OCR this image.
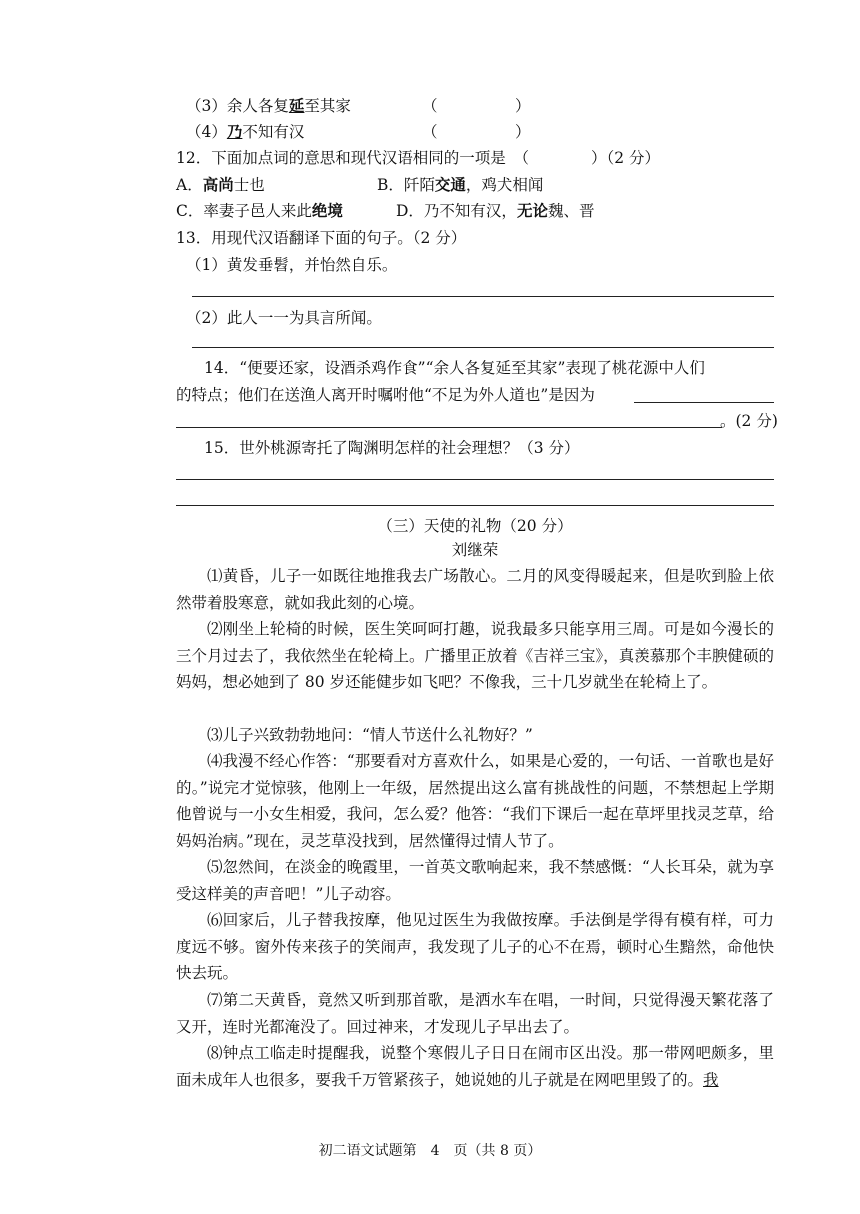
（3）余人各复延至其家	（　　　　　）
（4）乃不知有汉	（　　　　　）
12．下面加点词的意思和现代汉语相同的一项是　（　　　　）（2 分）
A．高尚士也	B．阡陌交通，鸡犬相闻
C．率妻子邑人来此绝境	D．乃不知有汉，无论魏、晋
13．用现代汉语翻译下面的句子。（2 分）
（1）黄发垂髫，并怡然自乐。
（2）此人一一为具言所闻。
14．“便要还家，设酒杀鸡作食”“余人各复延至其家”表现了桃花源中人们
的特点；他们在送渔人离开时嘱咐他“不足为外人道也”是因为
。(2 分)
15．世外桃源寄托了陶渊明怎样的社会理想？（3 分）
（三）天使的礼物（20 分）
刘继荣
⑴黄昏，儿子一如既往地推我去广场散心。二月的风变得暖起来，但是吹到脸上依然带着股寒意，就如我此刻的心境。
⑵刚坐上轮椅的时候，医生笑呵呵打趣，说我最多只能享用三周。可是如今漫长的三个月过去了，我依然坐在轮椅上。广播里正放着《吉祥三宝》，真羡慕那个丰腴健硕的妈妈，想必她到了 80 岁还能健步如飞吧？不像我，三十几岁就坐在轮椅上了。
⑶儿子兴致勃勃地问：“情人节送什么礼物好？”
⑷我漫不经心作答：“那要看对方喜欢什么，如果是心爱的，一句话、一首歌也是好的。”说完才觉惊骇，他刚上一年级，居然提出这么富有挑战性的问题，不禁想起上学期他曾说与一小女生相爱，我问，怎么爱？他答：“我们下课后一起在草坪里找灵芝草，给妈妈治病。”现在，灵芝草没找到，居然懂得过情人节了。
⑸忽然间，在淡金的晚霞里，一首英文歌响起来，我不禁感慨：“人长耳朵，就为享受这样美的声音吧！”儿子动容。
⑹回家后，儿子替我按摩，他见过医生为我做按摩。手法倒是学得有模有样，可力度远不够。窗外传来孩子的笑闹声，我发现了儿子的心不在焉，顿时心生黯然，命他快快去玩。
⑺第二天黄昏，竟然又听到那首歌，是洒水车在唱，一时间，只觉得漫天繁花落了又开，连时光都淹没了。回过神来，才发现儿子早出去了。
⑻钟点工临走时提醒我，说整个寒假儿子日日在闹市区出没。那一带网吧颇多，里面未成年人也很多，要我千万管紧孩子，她说她的儿子就是在网吧里毁了的。我
初二语文试题第　4　页（共 8 页）
